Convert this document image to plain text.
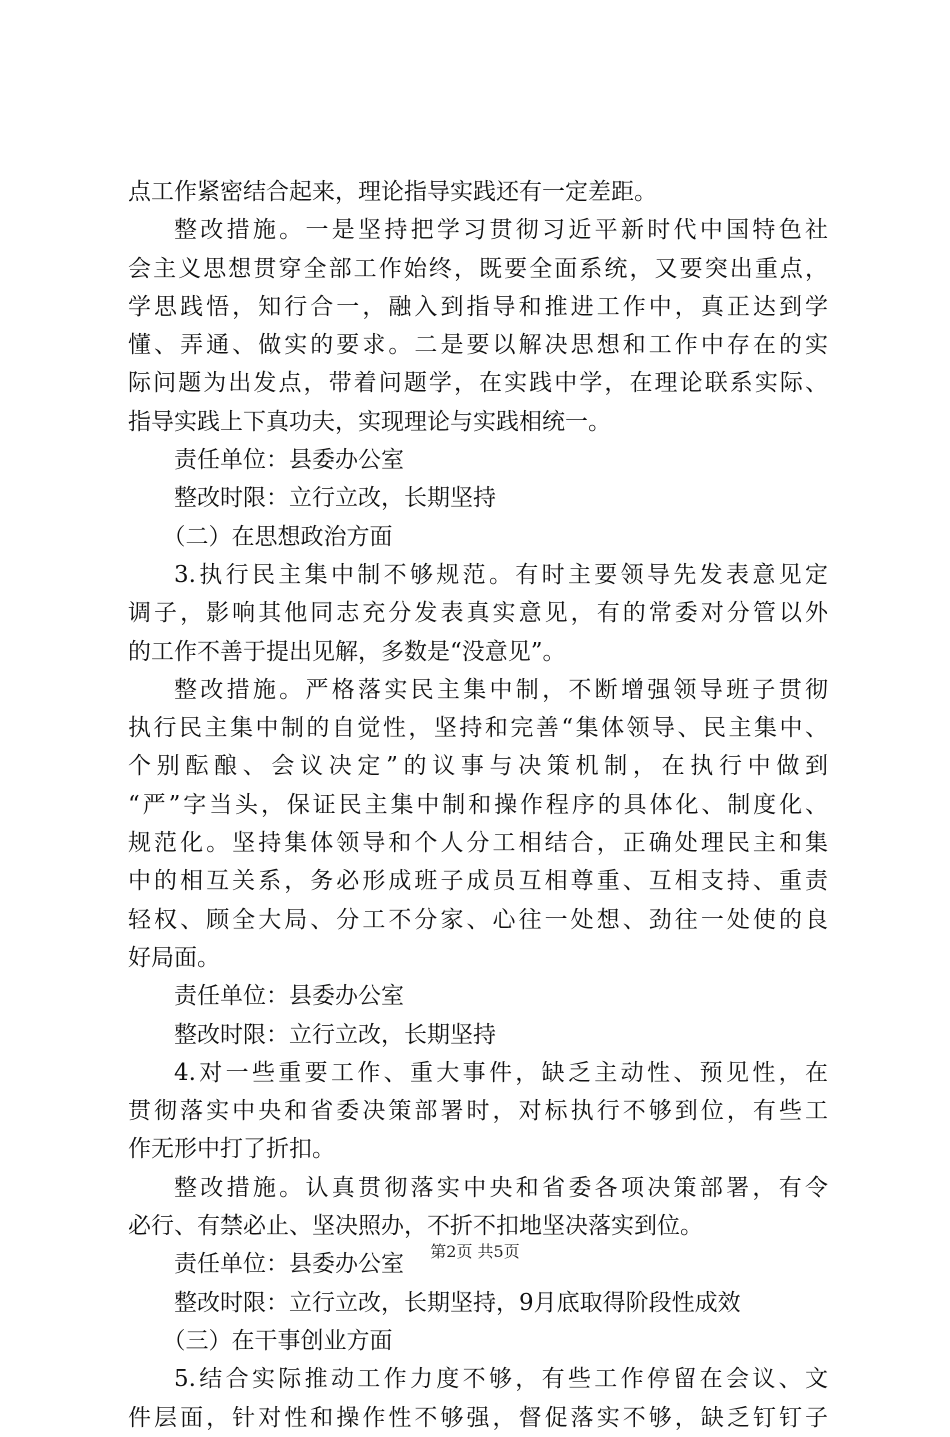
点工作紧密结合起来，理论指导实践还有一定差距。
整改措施。一是坚持把学习贯彻习近平新时代中国特色社
会主义思想贯穿全部工作始终，既要全面系统，又要突出重点，
学思践悟，知行合一，融入到指导和推进工作中，真正达到学
懂、弄通、做实的要求。二是要以解决思想和工作中存在的实
际问题为出发点，带着问题学，在实践中学，在理论联系实际、
指导实践上下真功夫，实现理论与实践相统一。
责任单位：县委办公室
整改时限：立行立改，长期坚持
（二）在思想政治方面
3.执行民主集中制不够规范。有时主要领导先发表意见定
调子，影响其他同志充分发表真实意见，有的常委对分管以外
的工作不善于提出见解，多数是“没意见”。
整改措施。严格落实民主集中制，不断增强领导班子贯彻
执行民主集中制的自觉性，坚持和完善“集体领导、民主集中、
个别酝酿、会议决定”的议事与决策机制，在执行中做到
“严”字当头，保证民主集中制和操作程序的具体化、制度化、
规范化。坚持集体领导和个人分工相结合，正确处理民主和集
中的相互关系，务必形成班子成员互相尊重、互相支持、重责
轻权、顾全大局、分工不分家、心往一处想、劲往一处使的良
好局面。
责任单位：县委办公室
整改时限：立行立改，长期坚持
4.对一些重要工作、重大事件，缺乏主动性、预见性，在
贯彻落实中央和省委决策部署时，对标执行不够到位，有些工
作无形中打了折扣。
整改措施。认真贯彻落实中央和省委各项决策部署，有令
必行、有禁必止、坚决照办，不折不扣地坚决落实到位。
责任单位：县委办公室
整改时限：立行立改，长期坚持，9月底取得阶段性成效
（三）在干事创业方面
5.结合实际推动工作力度不够，有些工作停留在会议、文
件层面，针对性和操作性不够强，督促落实不够，缺乏钉钉子
第2页 共5页
